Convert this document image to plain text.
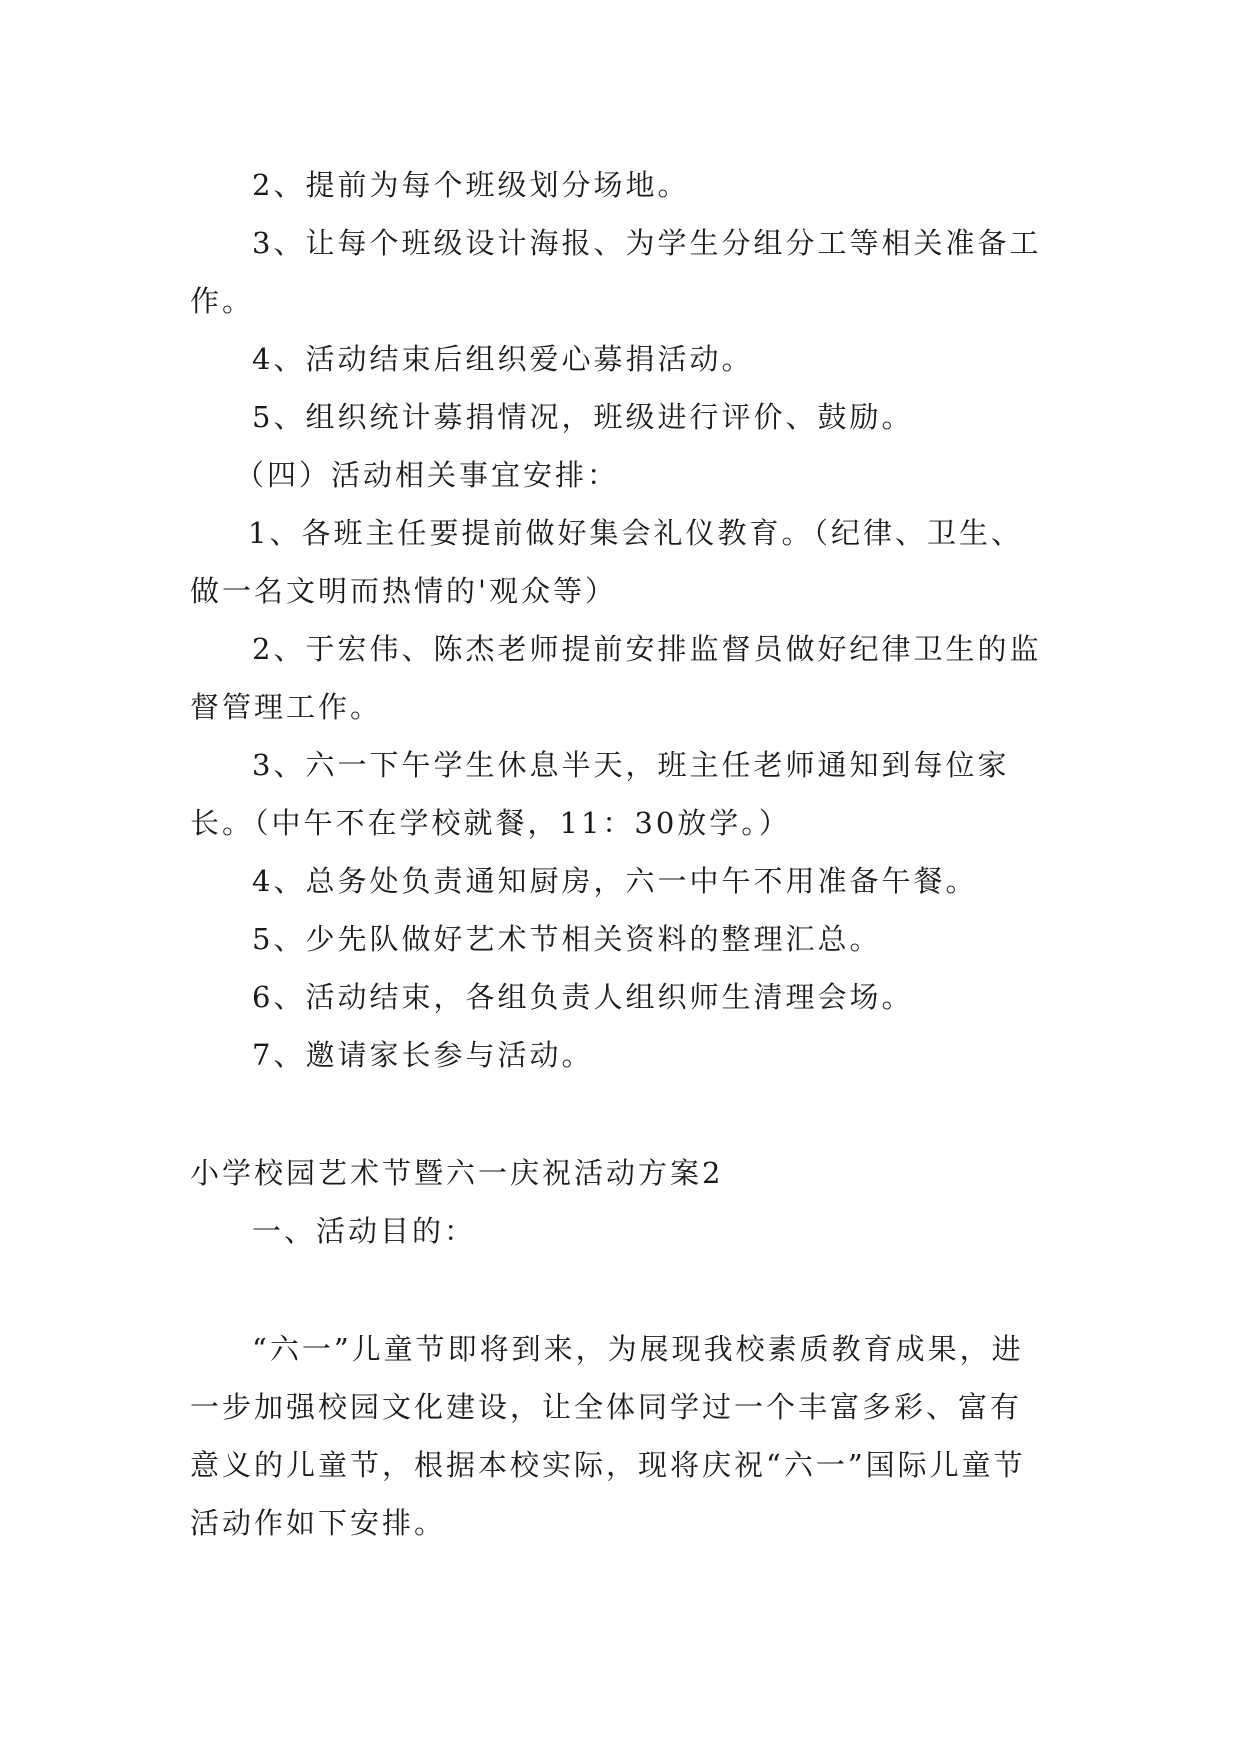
2、提前为每个班级划分场地。
3、让每个班级设计海报、为学生分组分工等相关准备工作。
4、活动结束后组织爱心募捐活动。
5、组织统计募捐情况，班级进行评价、鼓励。
（四）活动相关事宜安排：
1、各班主任要提前做好集会礼仪教育。（纪律、卫生、做一名文明而热情的'观众等）
2、于宏伟、陈杰老师提前安排监督员做好纪律卫生的监督管理工作。
3、六一下午学生休息半天，班主任老师通知到每位家长。（中午不在学校就餐，11：30放学。）
4、总务处负责通知厨房，六一中午不用准备午餐。
5、少先队做好艺术节相关资料的整理汇总。
6、活动结束，各组负责人组织师生清理会场。
7、邀请家长参与活动。
小学校园艺术节暨六一庆祝活动方案2
一、活动目的：
“六一”儿童节即将到来，为展现我校素质教育成果，进一步加强校园文化建设，让全体同学过一个丰富多彩、富有意义的儿童节，根据本校实际，现将庆祝“六一”国际儿童节活动作如下安排。
